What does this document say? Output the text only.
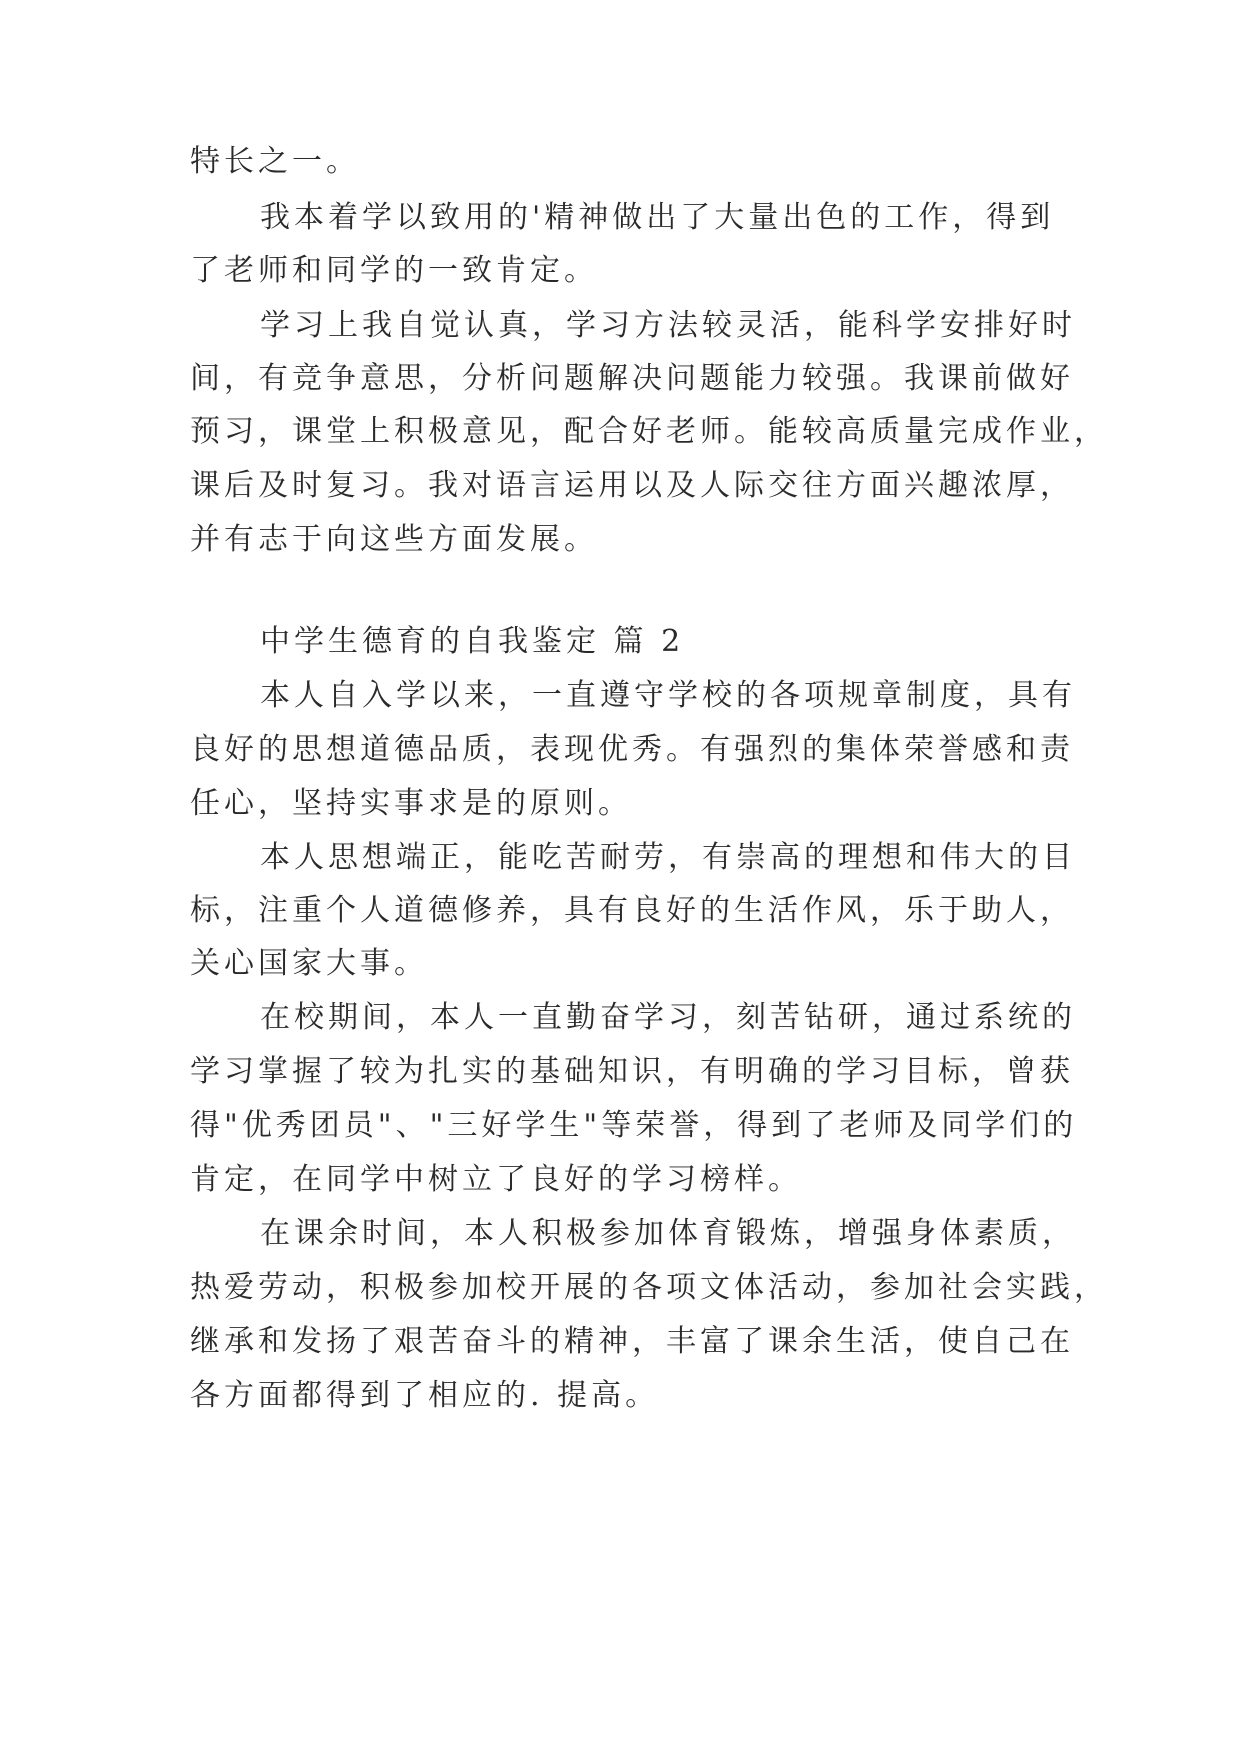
特长之一。
我本着学以致用的'精神做出了大量出色的工作，得到
了老师和同学的一致肯定。
学习上我自觉认真，学习方法较灵活，能科学安排好时
间，有竞争意思，分析问题解决问题能力较强。我课前做好
预习，课堂上积极意见，配合好老师。能较高质量完成作业，
课后及时复习。我对语言运用以及人际交往方面兴趣浓厚，
并有志于向这些方面发展。
中学生德育的自我鉴定 篇 2
本人自入学以来，一直遵守学校的各项规章制度，具有
良好的思想道德品质，表现优秀。有强烈的集体荣誉感和责
任心，坚持实事求是的原则。
本人思想端正，能吃苦耐劳，有崇高的理想和伟大的目
标，注重个人道德修养，具有良好的生活作风，乐于助人，
关心国家大事。
在校期间，本人一直勤奋学习，刻苦钻研，通过系统的
学习掌握了较为扎实的基础知识，有明确的学习目标，曾获
得"优秀团员"、"三好学生"等荣誉，得到了老师及同学们的
肯定，在同学中树立了良好的学习榜样。
在课余时间，本人积极参加体育锻炼，增强身体素质，
热爱劳动，积极参加校开展的各项文体活动，参加社会实践，
继承和发扬了艰苦奋斗的精神，丰富了课余生活，使自己在
各方面都得到了相应的. 提高。
